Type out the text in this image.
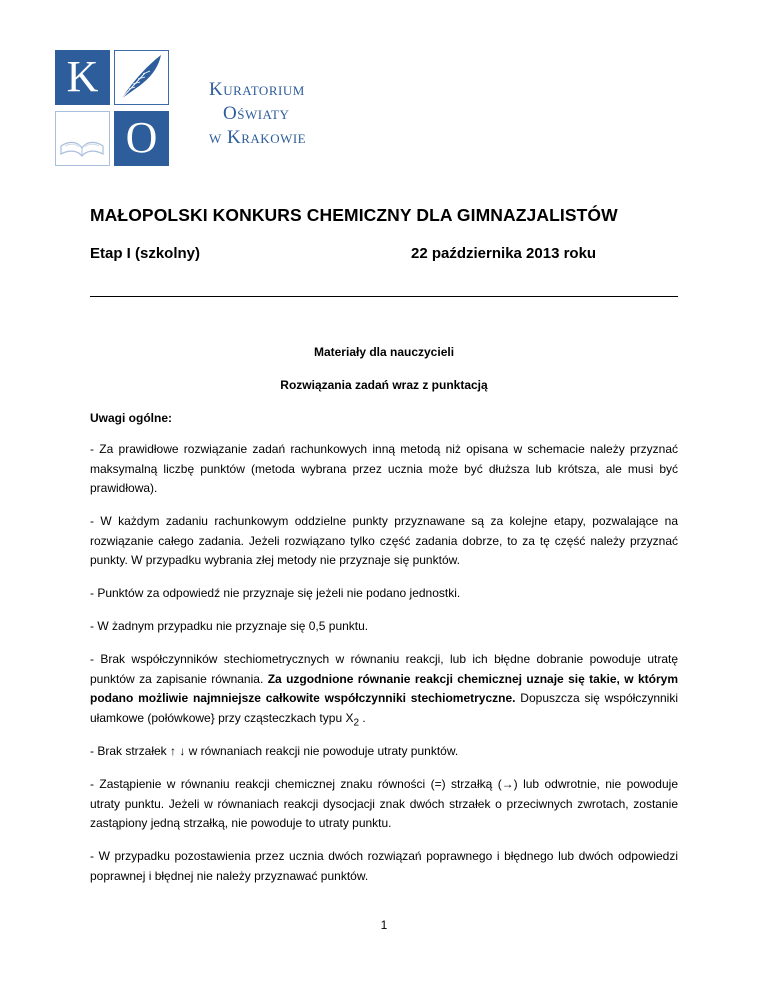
K
O
Kuratorium
Oświaty
w Krakowie
MAŁOPOLSKI KONKURS CHEMICZNY DLA GIMNAZJALISTÓW
Etap I (szkolny)	22 października 2013 roku
Materiały dla nauczycieli
Rozwiązania zadań wraz z punktacją
Uwagi ogólne:

- Za prawidłowe rozwiązanie zadań rachunkowych inną metodą niż opisana w schemacie należy przyznać maksymalną liczbę punktów (metoda wybrana przez ucznia może być dłuższa lub krótsza, ale musi być prawidłowa).

- W każdym zadaniu rachunkowym oddzielne punkty przyznawane są za kolejne etapy, pozwalające na rozwiązanie całego zadania. Jeżeli rozwiązano tylko część zadania dobrze, to za tę część należy przyznać punkty. W przypadku wybrania złej metody nie przyznaje się punktów.

- Punktów za odpowiedź nie przyznaje się jeżeli nie podano jednostki.

- W żadnym przypadku nie przyznaje się 0,5 punktu.

- Brak współczynników stechiometrycznych w równaniu reakcji, lub ich błędne dobranie powoduje utratę punktów za zapisanie równania. Za uzgodnione równanie reakcji chemicznej uznaje się takie, w którym podano możliwie najmniejsze całkowite współczynniki stechiometryczne. Dopuszcza się współczynniki ułamkowe (połówkowe} przy cząsteczkach typu $X_2$ .

- Brak strzałek ↑ ↓ w równaniach reakcji nie powoduje utraty punktów.

- Zastąpienie w równaniu reakcji chemicznej znaku równości (=) strzałką (→) lub odwrotnie, nie powoduje utraty punktu. Jeżeli w równaniach reakcji dysocjacji znak dwóch strzałek o przeciwnych zwrotach, zostanie zastąpiony jedną strzałką, nie powoduje to utraty punktu.

- W przypadku pozostawienia przez ucznia dwóch rozwiązań poprawnego i błędnego lub dwóch odpowiedzi poprawnej i błędnej nie należy przyznawać punktów.

1
